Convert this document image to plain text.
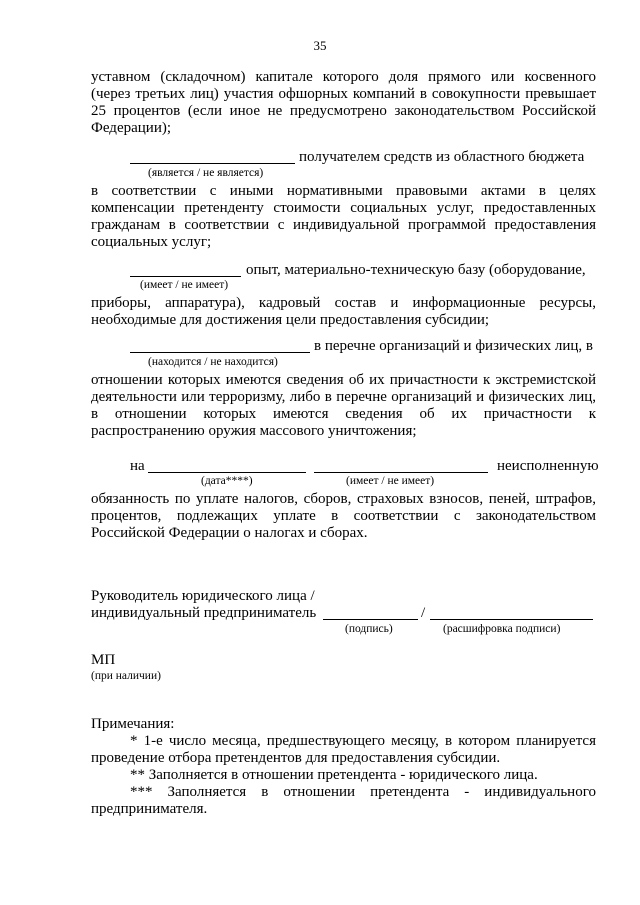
35
уставном (складочном) капитале которого доля прямого или косвенного
(через третьих лиц) участия офшорных компаний в совокупности превышает
25 процентов (если иное не предусмотрено законодательством Российской
Федерации);
получателем средств из областного бюджета
(является / не является)
в соответствии с иными нормативными правовыми актами в целях
компенсации претенденту стоимости социальных услуг, предоставленных
гражданам в соответствии с индивидуальной программой предоставления
социальных услуг;
опыт, материально-техническую базу (оборудование,
(имеет / не имеет)
приборы, аппаратура), кадровый состав и информационные ресурсы,
необходимые для достижения цели предоставления субсидии;
в перечне организаций и физических лиц, в
(находится / не находится)
отношении которых имеются сведения об их причастности к экстремистской
деятельности или терроризму, либо в перечне организаций и физических лиц,
в отношении которых имеются сведения об их причастности к
распространению оружия массового уничтожения;
на	неисполненную
(дата****)	(имеет / не имеет)
обязанность по уплате налогов, сборов, страховых взносов, пеней, штрафов,
процентов, подлежащих уплате в соответствии с законодательством
Российской Федерации о налогах и сборах.
Руководитель юридического лица /
индивидуальный предприниматель	/
(подпись)	(расшифровка подписи)
МП
(при наличии)
Примечания:
* 1-е число месяца, предшествующего месяцу, в котором планируется
проведение отбора претендентов для предоставления субсидии.
** Заполняется в отношении претендента - юридического лица.
*** Заполняется в отношении претендента - индивидуального
предпринимателя.
